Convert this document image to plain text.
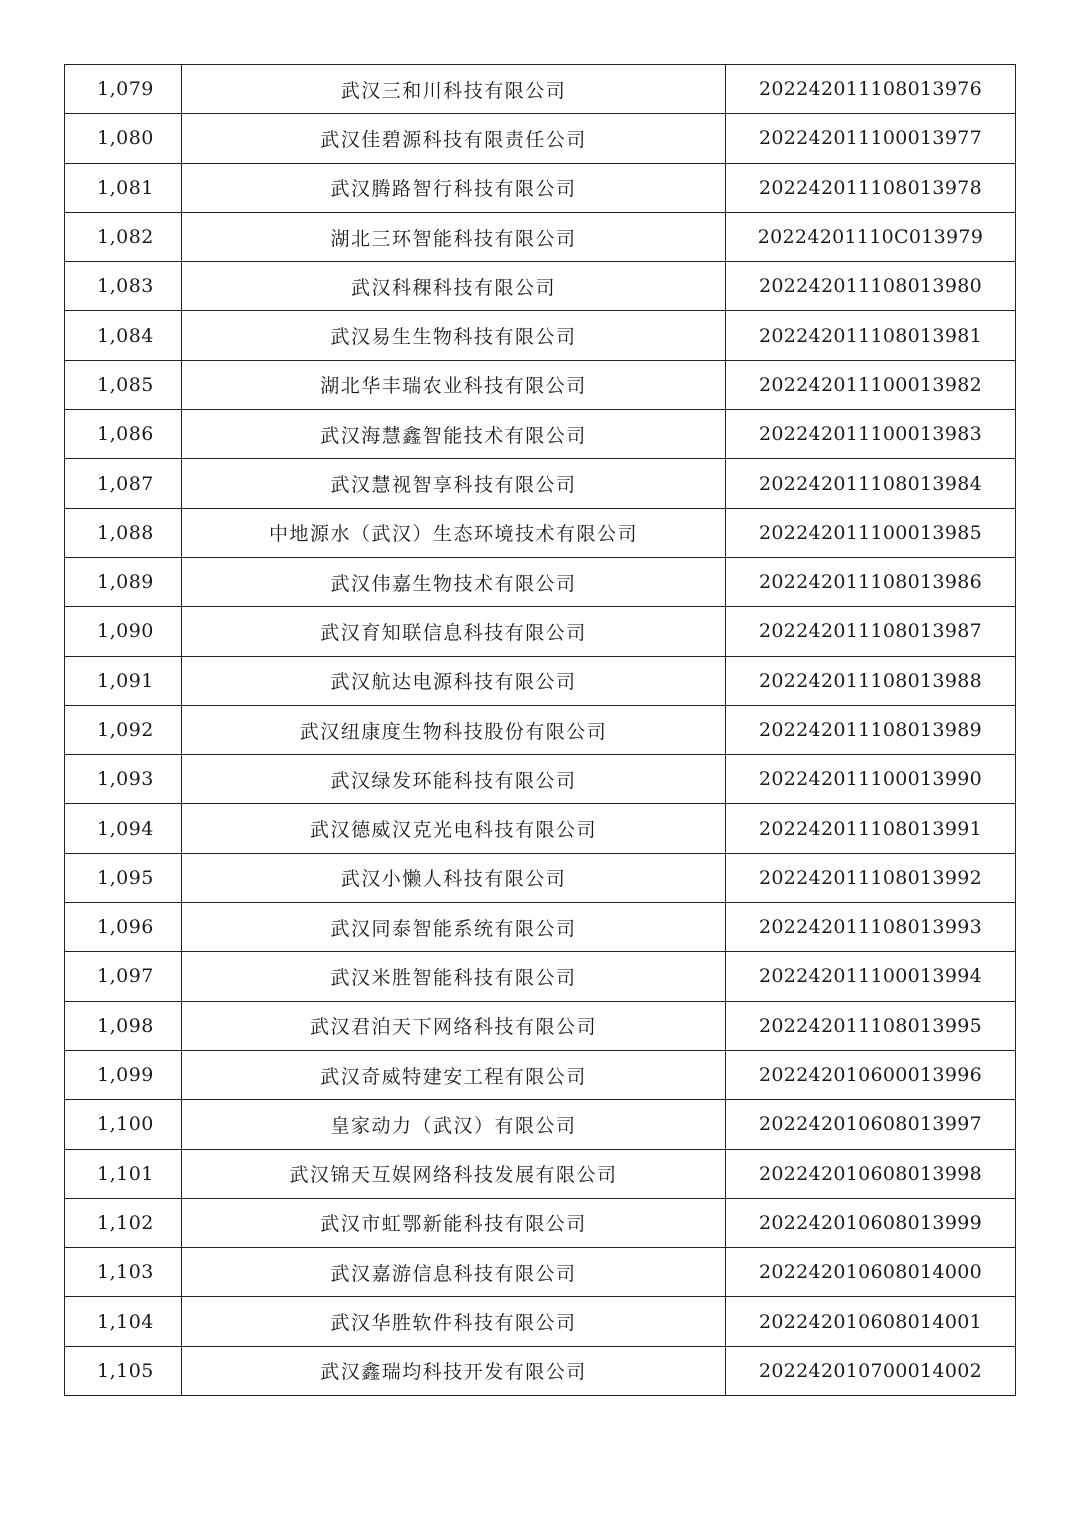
1,079	武汉三和川科技有限公司	202242011108013976
1,080	武汉佳碧源科技有限责任公司	202242011100013977
1,081	武汉腾路智行科技有限公司	202242011108013978
1,082	湖北三环智能科技有限公司	20224201110C013979
1,083	武汉科稞科技有限公司	202242011108013980
1,084	武汉易生生物科技有限公司	202242011108013981
1,085	湖北华丰瑞农业科技有限公司	202242011100013982
1,086	武汉海慧鑫智能技术有限公司	202242011100013983
1,087	武汉慧视智享科技有限公司	202242011108013984
1,088	中地源水（武汉）生态环境技术有限公司	202242011100013985
1,089	武汉伟嘉生物技术有限公司	202242011108013986
1,090	武汉育知联信息科技有限公司	202242011108013987
1,091	武汉航达电源科技有限公司	202242011108013988
1,092	武汉纽康度生物科技股份有限公司	202242011108013989
1,093	武汉绿发环能科技有限公司	202242011100013990
1,094	武汉德威汉克光电科技有限公司	202242011108013991
1,095	武汉小懒人科技有限公司	202242011108013992
1,096	武汉同泰智能系统有限公司	202242011108013993
1,097	武汉米胜智能科技有限公司	202242011100013994
1,098	武汉君泊天下网络科技有限公司	202242011108013995
1,099	武汉奇威特建安工程有限公司	202242010600013996
1,100	皇家动力（武汉）有限公司	202242010608013997
1,101	武汉锦天互娱网络科技发展有限公司	202242010608013998
1,102	武汉市虹鄂新能科技有限公司	202242010608013999
1,103	武汉嘉游信息科技有限公司	202242010608014000
1,104	武汉华胜软件科技有限公司	202242010608014001
1,105	武汉鑫瑞均科技开发有限公司	202242010700014002
